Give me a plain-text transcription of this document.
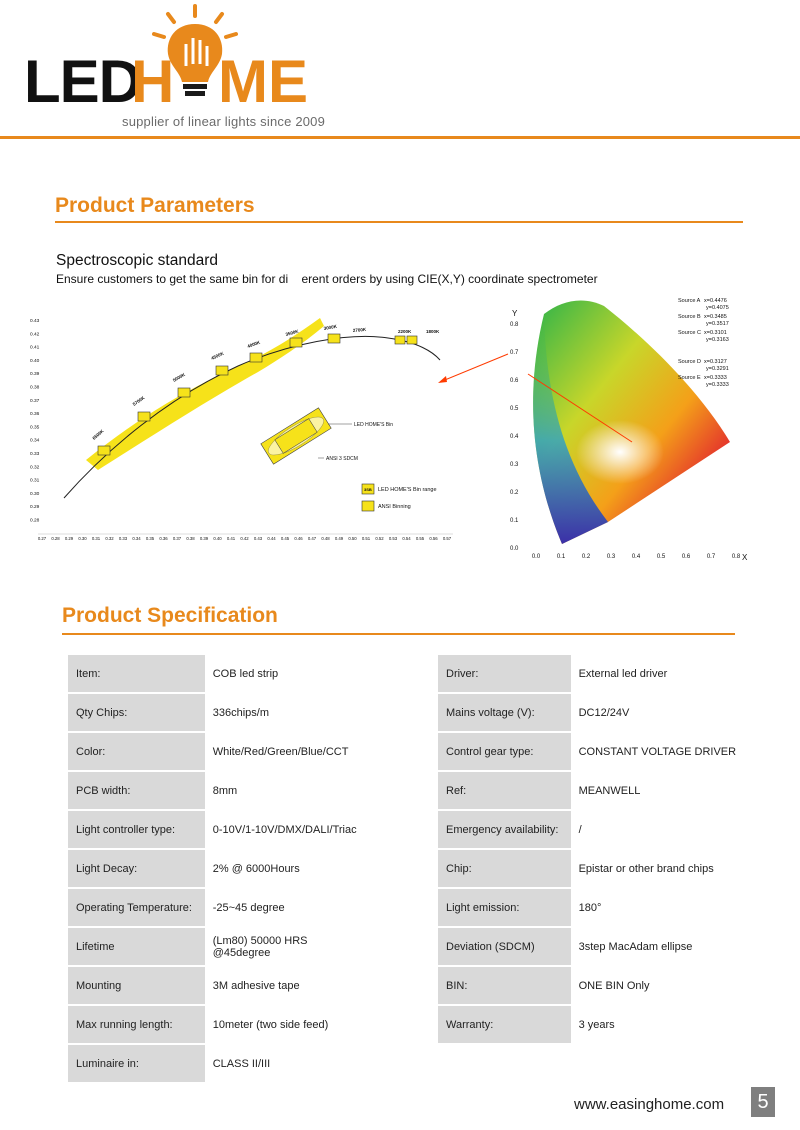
LED
H ME
supplier of linear lights since 2009
Product Parameters
Spectroscopic standard
Ensure customers to get the same bin for di    erent orders by using CIE(X,Y) coordinate spectrometer
0.43
0.42
0.41
0.40
0.39
0.38
0.37
0.36
0.35
0.34
0.33
0.32
0.31
0.30
0.29
0.28
0.27 0.28 0.29 0.30 0.31 0.32 0.33 0.34 0.35 0.36 0.37 0.38 0.39 0.40 0.41 0.42 0.43 0.44 0.45 0.46 0.47 0.48 0.49 0.50 0.51 0.52 0.53 0.54 0.55 0.56 0.57
6500K
5700K
5000K
4500K
4000K
3500K
3000K	2700K	2200K	1800K
LED HOME'S Bin
ANSI 3 SDCM
3SB LED HOME'S Bin range
ANSI Binning
Y
X
0.8
0.7
0.6
0.5
0.4
0.3
0.2
0.1
0.0
0.0	0.1	0.2	0.3	0.4	0.5	0.6	0.7	0.8
Source A x=0.4476
y=0.4075
Source B x=0.3485
y=0.3517
Source C x=0.3101
y=0.3163
Source D x=0.3127
y=0.3291
Source E x=0.3333
y=0.3333
Product Specification
Item:	COB led strip
Qty Chips:	336chips/m
Color:	White/Red/Green/Blue/CCT
PCB width:	8mm
Light controller type:	0-10V/1-10V/DMX/DALI/Triac
Light Decay:	2% @ 6000Hours
Operating Temperature:	-25~45 degree
Lifetime	(Lm80) 50000 HRS @45degree
Mounting	3M adhesive tape
Max running length:	10meter (two side feed)
Luminaire in:	CLASS II/III
Driver:	External led driver
Mains voltage (V):	DC12/24V
Control gear type:	CONSTANT VOLTAGE DRIVER
Ref:	MEANWELL
Emergency availability:	/
Chip:	Epistar or other brand chips
Light emission:	180°
Deviation (SDCM)	3step MacAdam ellipse
BIN:	ONE BIN Only
Warranty:	3 years
www.easinghome.com	5
